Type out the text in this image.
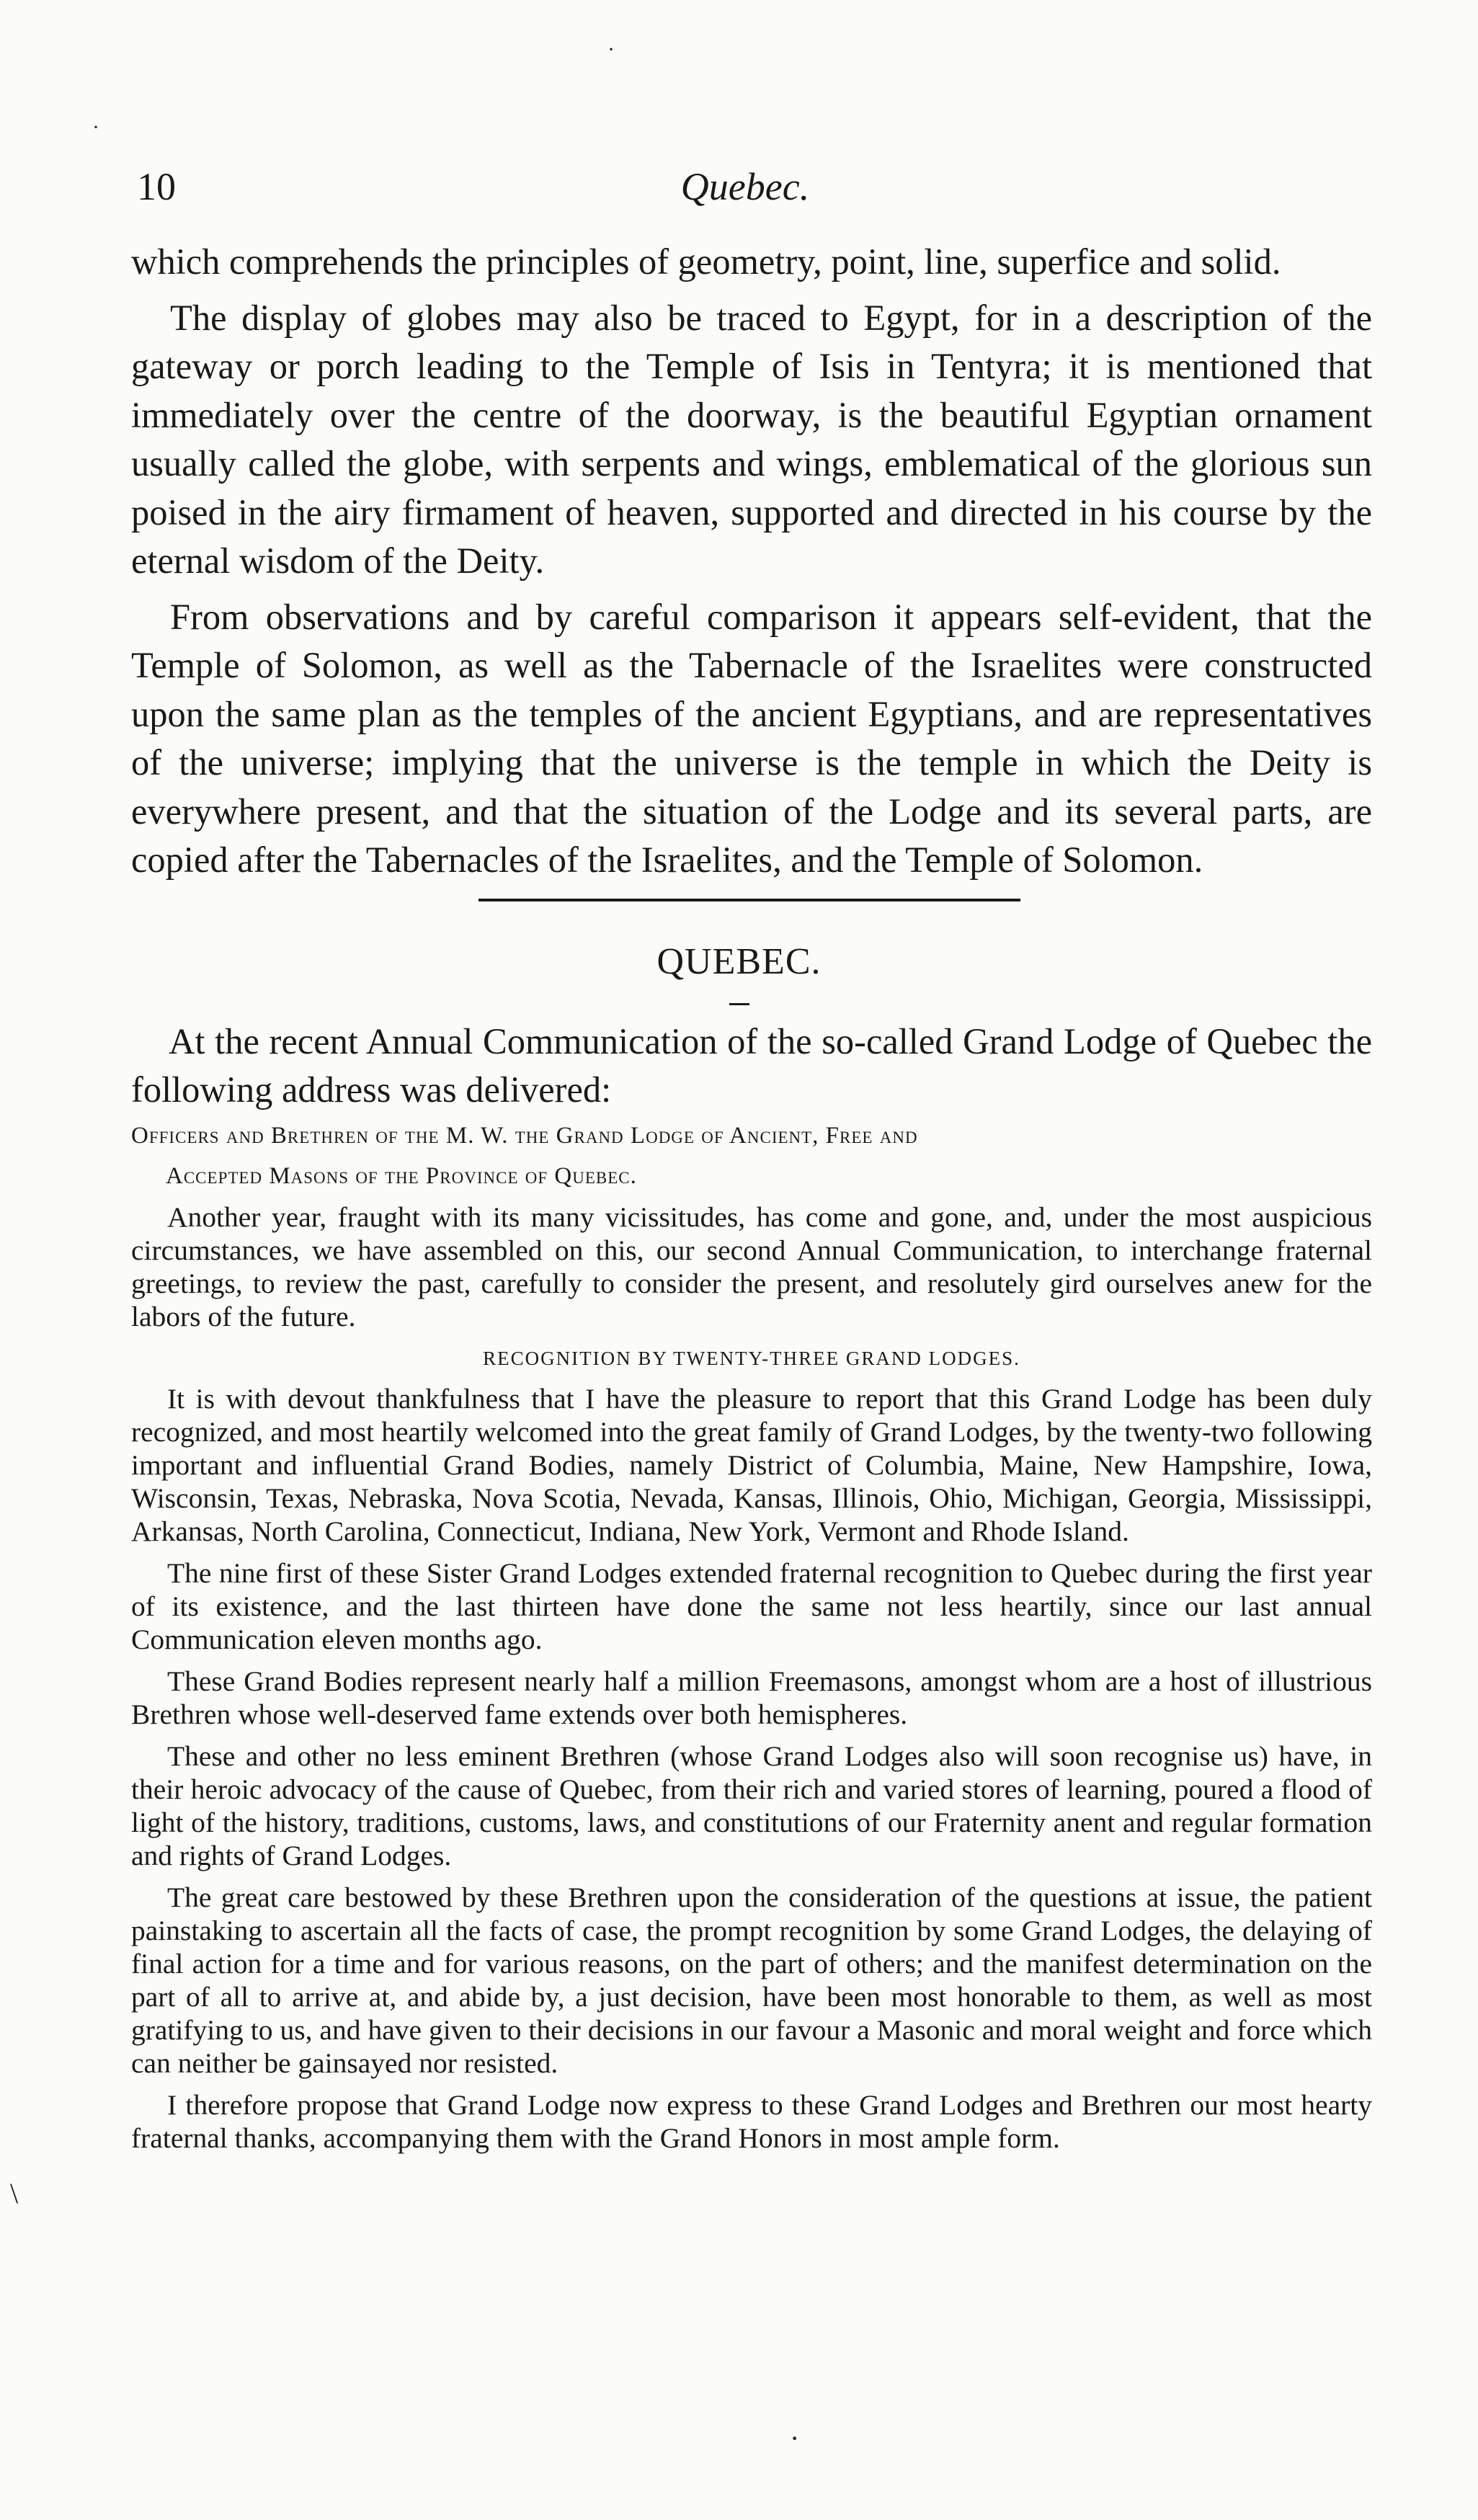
·
·
\
·
10	Quebec.

which comprehends the principles of geometry, point, line, superfice and solid.

The display of globes may also be traced to Egypt, for in a description of the gateway or porch leading to the Temple of Isis in Tentyra; it is mentioned that immediately over the centre of the doorway, is the beautiful Egyptian ornament usually called the globe, with serpents and wings, emblematical of the glorious sun poised in the airy firmament of heaven, supported and directed in his course by the eternal wisdom of the Deity.

From observations and by careful comparison it appears self-evident, that the Temple of Solomon, as well as the Tabernacle of the Israelites were constructed upon the same plan as the temples of the ancient Egyptians, and are representatives of the universe; implying that the universe is the temple in which the Deity is everywhere present, and that the situation of the Lodge and its several parts, are copied after the Tabernacles of the Israelites, and the Temple of Solomon.

QUEBEC.

At the recent Annual Communication of the so-called Grand Lodge of Quebec the following address was delivered:

Officers and Brethren of the M. W. the Grand Lodge of Ancient, Free and
Accepted Masons of the Province of Quebec.

Another year, fraught with its many vicissitudes, has come and gone, and, under the most auspicious circumstances, we have assembled on this, our second Annual Communication, to interchange fraternal greetings, to review the past, carefully to consider the present, and resolutely gird ourselves anew for the labors of the future.

RECOGNITION BY TWENTY-THREE GRAND LODGES.

It is with devout thankfulness that I have the pleasure to report that this Grand Lodge has been duly recognized, and most heartily welcomed into the great family of Grand Lodges, by the twenty-two following important and influential Grand Bodies, namely District of Columbia, Maine, New Hampshire, Iowa, Wisconsin, Texas, Nebraska, Nova Scotia, Nevada, Kansas, Illinois, Ohio, Michigan, Georgia, Mississippi, Arkansas, North Carolina, Connecticut, Indiana, New York, Vermont and Rhode Island.

The nine first of these Sister Grand Lodges extended fraternal recognition to Quebec during the first year of its existence, and the last thirteen have done the same not less heartily, since our last annual Communication eleven months ago.

These Grand Bodies represent nearly half a million Freemasons, amongst whom are a host of illustrious Brethren whose well-deserved fame extends over both hemispheres.

These and other no less eminent Brethren (whose Grand Lodges also will soon recognise us) have, in their heroic advocacy of the cause of Quebec, from their rich and varied stores of learning, poured a flood of light of the history, traditions, customs, laws, and constitutions of our Fraternity anent and regular formation and rights of Grand Lodges.

The great care bestowed by these Brethren upon the consideration of the questions at issue, the patient painstaking to ascertain all the facts of case, the prompt recognition by some Grand Lodges, the delaying of final action for a time and for various reasons, on the part of others; and the manifest determination on the part of all to arrive at, and abide by, a just decision, have been most honorable to them, as well as most gratifying to us, and have given to their decisions in our favour a Masonic and moral weight and force which can neither be gainsayed nor resisted.

I therefore propose that Grand Lodge now express to these Grand Lodges and Brethren our most hearty fraternal thanks, accompanying them with the Grand Honors in most ample form.
